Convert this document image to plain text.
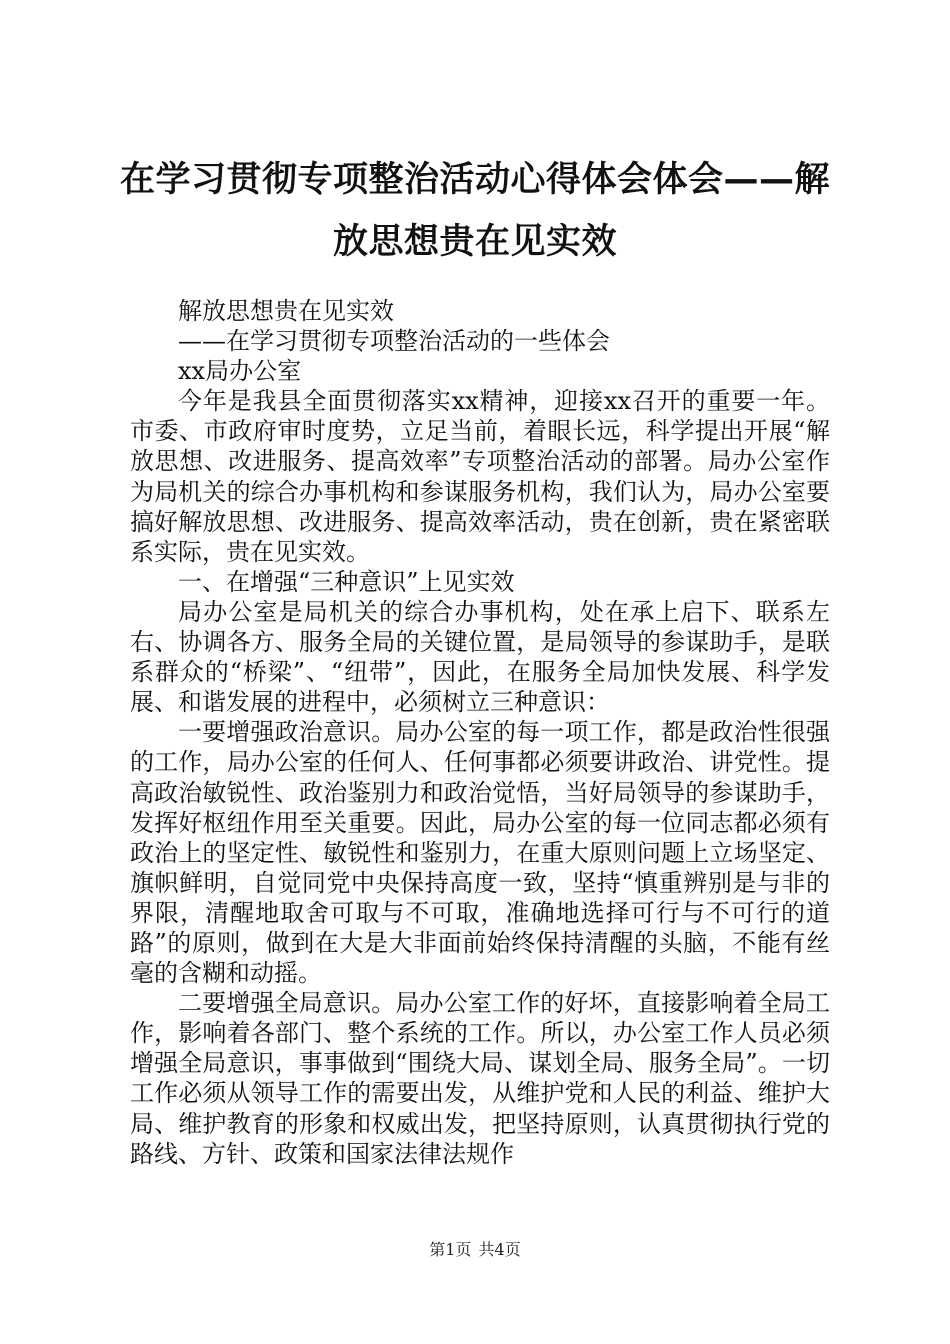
在学习贯彻专项整治活动心得体会体会——解
放思想贵在见实效

解放思想贵在见实效

——在学习贯彻专项整治活动的一些体会

xx局办公室

今年是我县全面贯彻落实xx精神，迎接xx召开的重要一年。市委、市政府审时度势，立足当前，着眼长远，科学提出开展“解放思想、改进服务、提高效率”专项整治活动的部署。局办公室作为局机关的综合办事机构和参谋服务机构，我们认为，局办公室要搞好解放思想、改进服务、提高效率活动，贵在创新，贵在紧密联系实际，贵在见实效。

一、在增强“三种意识”上见实效

局办公室是局机关的综合办事机构，处在承上启下、联系左右、协调各方、服务全局的关键位置，是局领导的参谋助手，是联系群众的“桥梁”、“纽带”，因此，在服务全局加快发展、科学发展、和谐发展的进程中，必须树立三种意识：

一要增强政治意识。局办公室的每一项工作，都是政治性很强的工作，局办公室的任何人、任何事都必须要讲政治、讲党性。提高政治敏锐性、政治鉴别力和政治觉悟，当好局领导的参谋助手，发挥好枢纽作用至关重要。因此，局办公室的每一位同志都必须有政治上的坚定性、敏锐性和鉴别力，在重大原则问题上立场坚定、旗帜鲜明，自觉同党中央保持高度一致，坚持“慎重辨别是与非的界限，清醒地取舍可取与不可取，准确地选择可行与不可行的道路”的原则，做到在大是大非面前始终保持清醒的头脑，不能有丝毫的含糊和动摇。

二要增强全局意识。局办公室工作的好坏，直接影响着全局工作，影响着各部门、整个系统的工作。所以，办公室工作人员必须增强全局意识，事事做到“围绕大局、谋划全局、服务全局”。一切工作必须从领导工作的需要出发，从维护党和人民的利益、维护大局、维护教育的形象和权威出发，把坚持原则，认真贯彻执行党的路线、方针、政策和国家法律法规作

第1页 共4页
